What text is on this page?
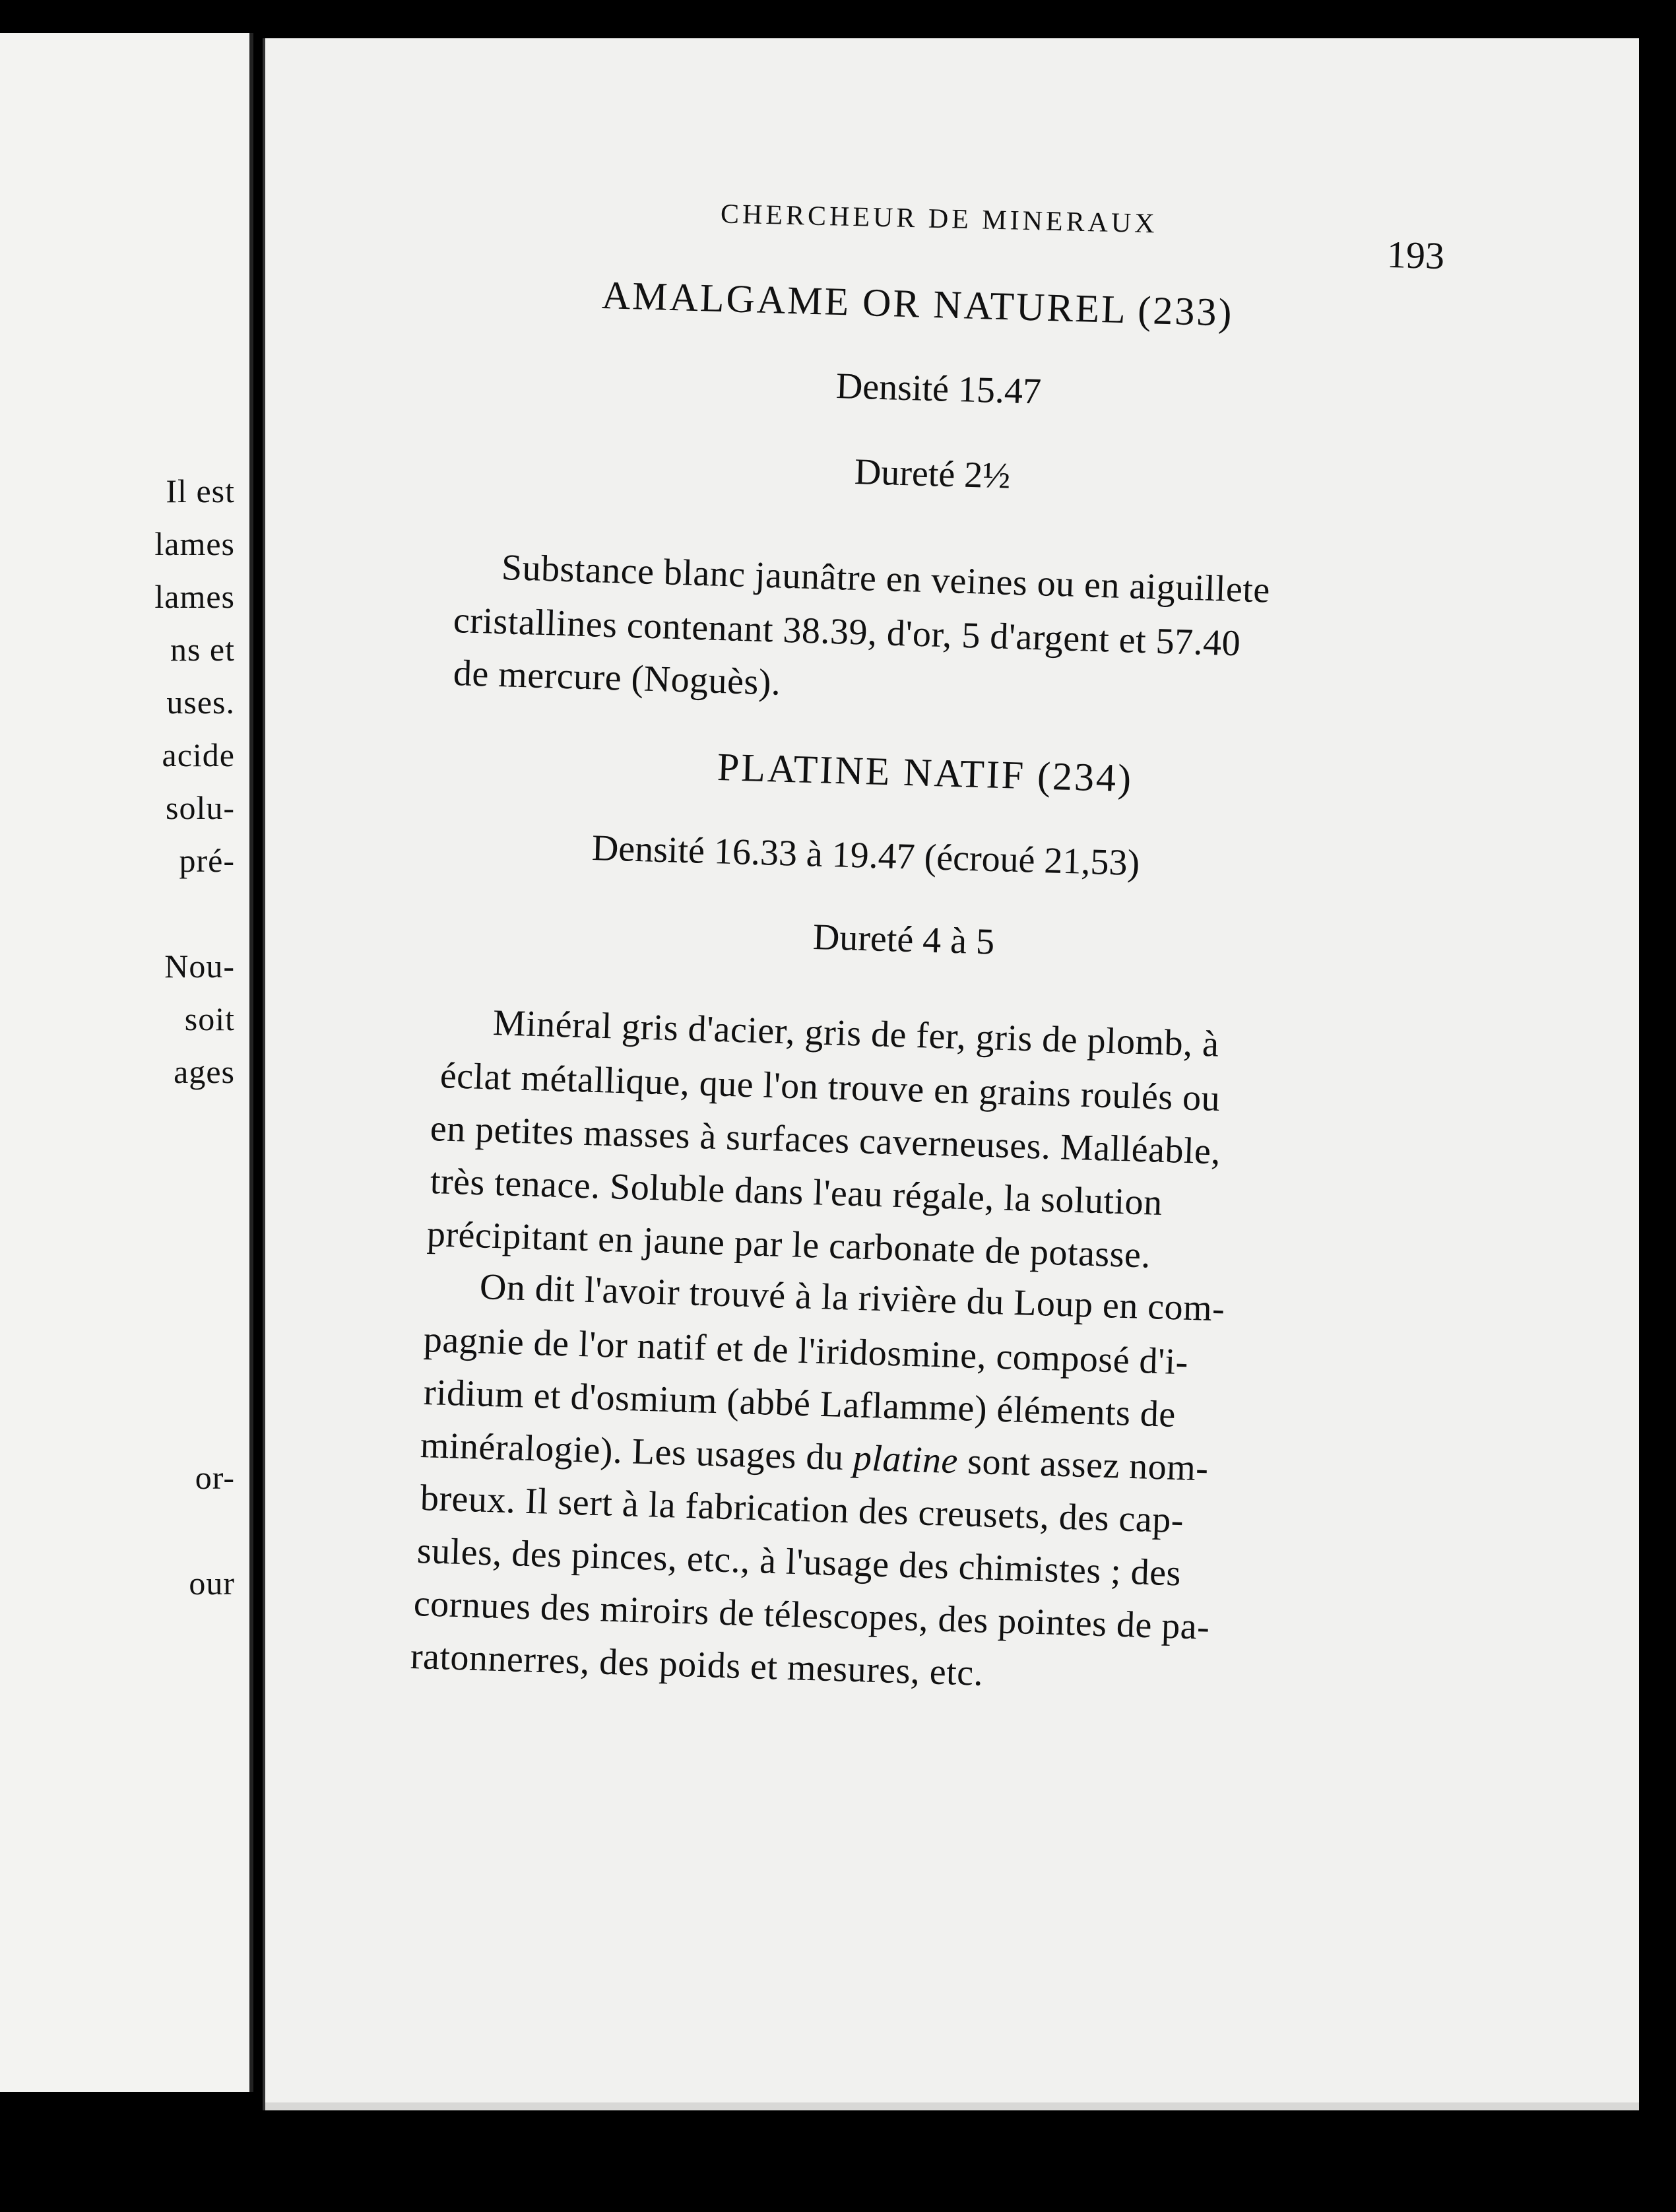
Il est
lames
lames
ns et
uses.
acide
solu-
pré-
Nou-
soit
ages
or-
our
CHERCHEUR DE MINERAUX
193
AMALGAME OR NATUREL (233)
Densité 15.47
Dureté 2½
Substance blanc jaunâtre en veines ou en aiguillete
cristallines contenant 38.39, d'or, 5 d'argent et 57.40
de mercure (Noguès).
PLATINE NATIF (234)
Densité 16.33 à 19.47 (écroué 21,53)
Dureté 4 à 5
Minéral gris d'acier, gris de fer, gris de plomb, à
éclat métallique, que l'on trouve en grains roulés ou
en petites masses à surfaces caverneuses. Malléable,
très tenace. Soluble dans l'eau régale, la solution
précipitant en jaune par le carbonate de potasse.
On dit l'avoir trouvé à la rivière du Loup en com-
pagnie de l'or natif et de l'iridosmine, composé d'i-
ridium et d'osmium (abbé Laflamme) éléments de
minéralogie). Les usages du platine sont assez nom-
breux. Il sert à la fabrication des creusets, des cap-
sules, des pinces, etc., à l'usage des chimistes ; des
cornues des miroirs de télescopes, des pointes de pa-
ratonnerres, des poids et mesures, etc.
